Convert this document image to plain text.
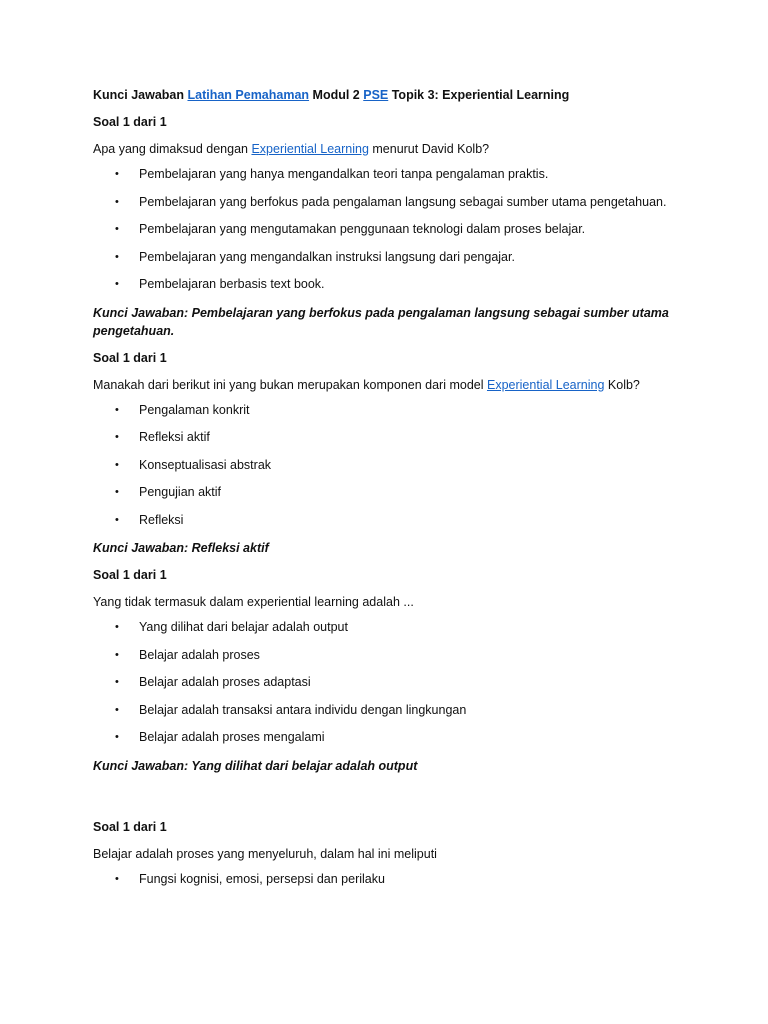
Kunci Jawaban Latihan Pemahaman Modul 2 PSE Topik 3: Experiential Learning
Soal 1 dari 1
Apa yang dimaksud dengan Experiential Learning menurut David Kolb?
• Pembelajaran yang hanya mengandalkan teori tanpa pengalaman praktis.
• Pembelajaran yang berfokus pada pengalaman langsung sebagai sumber utama pengetahuan.
• Pembelajaran yang mengutamakan penggunaan teknologi dalam proses belajar.
• Pembelajaran yang mengandalkan instruksi langsung dari pengajar.
• Pembelajaran berbasis text book.
Kunci Jawaban: Pembelajaran yang berfokus pada pengalaman langsung sebagai sumber utama pengetahuan.
Soal 1 dari 1
Manakah dari berikut ini yang bukan merupakan komponen dari model Experiential Learning Kolb?
• Pengalaman konkrit
• Refleksi aktif
• Konseptualisasi abstrak
• Pengujian aktif
• Refleksi
Kunci Jawaban: Refleksi aktif
Soal 1 dari 1
Yang tidak termasuk dalam experiential learning adalah ...
• Yang dilihat dari belajar adalah output
• Belajar adalah proses
• Belajar adalah proses adaptasi
• Belajar adalah transaksi antara individu dengan lingkungan
• Belajar adalah proses mengalami
Kunci Jawaban: Yang dilihat dari belajar adalah output
Soal 1 dari 1
Belajar adalah proses yang menyeluruh, dalam hal ini meliputi
• Fungsi kognisi, emosi, persepsi dan perilaku
